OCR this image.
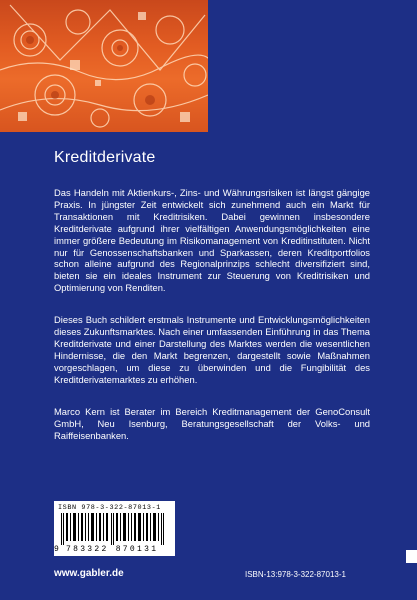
Kreditderivate

Das Handeln mit Aktienkurs-, Zins- und Währungsrisiken ist längst gängige Praxis. In jüngster Zeit entwickelt sich zunehmend auch ein Markt für Transaktionen mit Kreditrisiken. Dabei gewinnen insbesondere Kreditderivate aufgrund ihrer vielfältigen Anwendungsmöglichkeiten eine immer größere Bedeutung im Risikomanagement von Kreditinstituten. Nicht nur für Genossenschaftsbanken und Sparkassen, deren Kreditportfolios schon alleine aufgrund des Regionalprinzips schlecht diversifiziert sind, bieten sie ein ideales Instrument zur Steuerung von Kreditrisiken und Optimierung von Renditen.

Dieses Buch schildert erstmals Instrumente und Entwicklungsmöglichkeiten dieses Zukunftsmarktes. Nach einer umfassenden Einführung in das Thema Kreditderivate und einer Darstellung des Marktes werden die wesentlichen Hindernisse, die den Markt begrenzen, dargestellt sowie Maßnahmen vorgeschlagen, um diese zu überwinden und die Fungibilität des Kreditderivatemarktes zu erhöhen.

Marco Kern ist Berater im Bereich Kreditmanagement der GenoConsult GmbH, Neu Isenburg, Beratungsgesellschaft der Volks- und Raiffeisenbanken.

ISBN 978-3-322-87013-1
9 783322 870131
www.gabler.de	ISBN-13:978-3-322-87013-1
